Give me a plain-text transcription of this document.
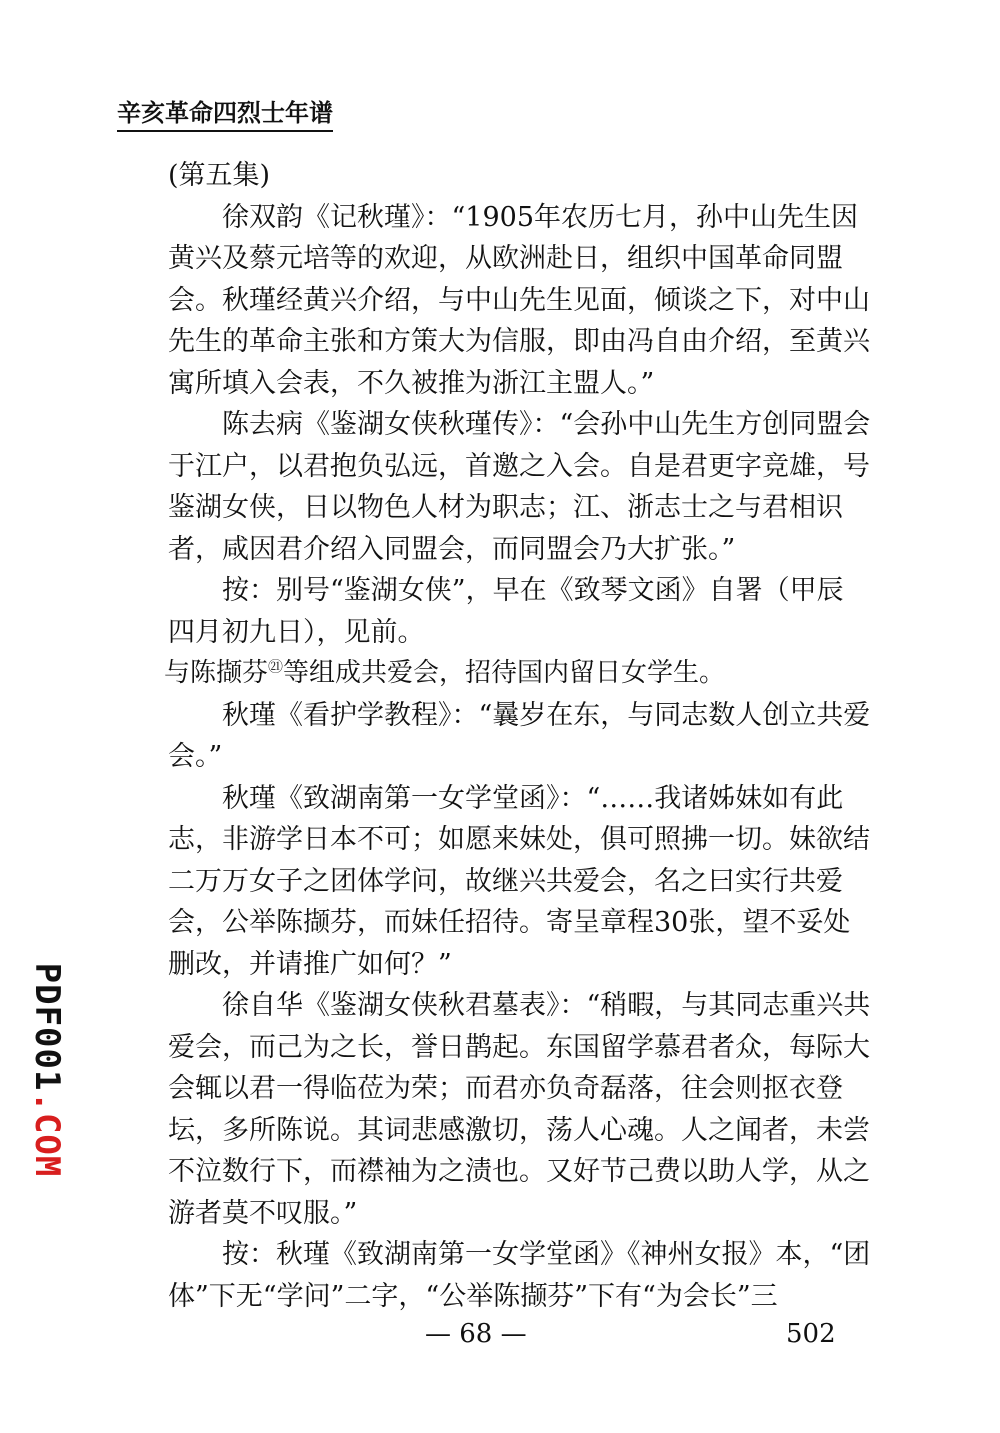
辛亥革命四烈士年谱
(第五集)
徐双韵《记秋瑾》：“1905年农历七月，孙中山先生因
黄兴及蔡元培等的欢迎，从欧洲赴日，组织中国革命同盟
会。秋瑾经黄兴介绍，与中山先生见面，倾谈之下，对中山
先生的革命主张和方策大为信服，即由冯自由介绍，至黄兴
寓所填入会表，不久被推为浙江主盟人。”
陈去病《鉴湖女侠秋瑾传》：“会孙中山先生方创同盟会
于江户，以君抱负弘远，首邀之入会。自是君更字竞雄，号
鉴湖女侠，日以物色人材为职志；江、浙志士之与君相识
者，咸因君介绍入同盟会，而同盟会乃大扩张。”
按：别号“鉴湖女侠”，早在《致琴文函》自署（甲辰
四月初九日），见前。
与陈撷芬$^㉑$等组成共爱会，招待国内留日女学生。
秋瑾《看护学教程》：“曩岁在东，与同志数人创立共爱
会。”
秋瑾《致湖南第一女学堂函》：“……我诸姊妹如有此
志，非游学日本不可；如愿来妹处，俱可照拂一切。妹欲结
二万万女子之团体学问，故继兴共爱会，名之曰实行共爱
会，公举陈撷芬，而妹任招待。寄呈章程30张，望不妥处
删改，并请推广如何？”
徐自华《鉴湖女侠秋君墓表》：“稍暇，与其同志重兴共
爱会，而己为之长，誉日鹊起。东国留学慕君者众，每际大
会辄以君一得临莅为荣；而君亦负奇磊落，往会则抠衣登
坛，多所陈说。其词悲感激切，荡人心魂。人之闻者，未尝
不泣数行下，而襟袖为之渍也。又好节己费以助人学，从之
游者莫不叹服。”
按：秋瑾《致湖南第一女学堂函》《神州女报》本，“团
体”下无“学问”二字，“公举陈撷芬”下有“为会长”三
PDF001.COM
— 68 —	502
